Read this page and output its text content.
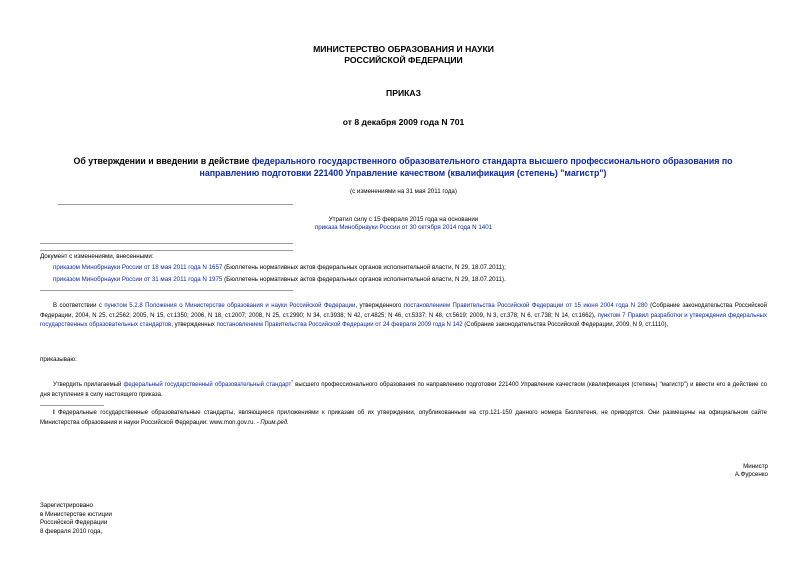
МИНИСТЕРСТВО ОБРАЗОВАНИЯ И НАУКИ
РОССИЙСКОЙ ФЕДЕРАЦИИ
ПРИКАЗ
от 8 декабря 2009 года N 701
Об утверждении и введении в действие федерального государственного образовательного стандарта высшего профессионального образования по направлению подготовки 221400 Управление качеством (квалификация (степень) "магистр")
(с изменениями на 31 мая 2011 года)
Утратил силу с 15 февраля 2015 года на основании
приказа Минобрнауки России от 30 октября 2014 года N 1401
Документ с изменениями, внесенными:
приказом Минобрнауки России от 18 мая 2011 года N 1657 (Бюллетень нормативных актов федеральных органов исполнительной власти, N 29, 18.07.2011);
приказом Минобрнауки России от 31 мая 2011 года N 1975 (Бюллетень нормативных актов федеральных органов исполнительной власти, N 29, 18.07.2011).
В соответствии с пунктом 5.2.8 Положения о Министерстве образования и науки Российской Федерации, утвержденного постановлением Правительства Российской Федерации от 15 июня 2004 года N 280 (Собрание законодательства Российской Федерации, 2004, N 25, ст.2562; 2005, N 15, ст.1350; 2006, N 18, ст.2007; 2008, N 25, ст.2990; N 34, ст.3938; N 42, ст.4825; N 46, ст.5337; N 48, ст.5619; 2009, N 3, ст.378; N 6, ст.738; N 14, ст.1662), пунктом 7 Правил разработки и утверждения федеральных государственных образовательных стандартов, утвержденных постановлением Правительства Российской Федерации от 24 февраля 2009 года N 142 (Собрание законодательства Российской Федерации, 2009, N 9, ст.1110),
приказываю:
Утвердить прилагаемый федеральный государственный образовательный стандарт* высшего профессионального образования по направлению подготовки 221400 Управление качеством (квалификация (степень) "магистр") и ввести его в действие со дня вступления в силу настоящего приказа.
I Федеральные государственные образовательные стандарты, являющиеся приложениями к приказам об их утверждении, опубликованным на стр.121-150 данного номера Бюллетеня, не приводятся. Они размещены на официальном сайте Министерства образования и науки Российской Федерации: www.mon.gov.ru. - Прим.ред.
Министр
А.Фурсенко
Зарегистрировано
в Министерстве юстиции
Российской Федерации
8 февраля 2010 года,
